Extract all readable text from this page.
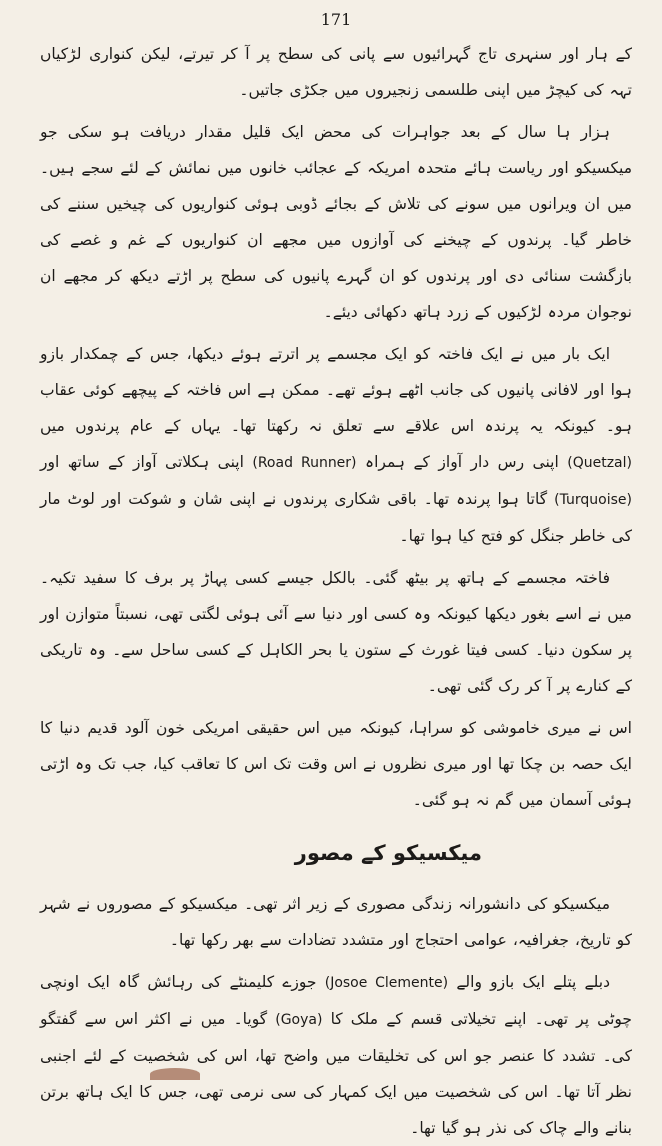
171

کے ہار اور سنہری تاج گہرائیوں سے پانی کی سطح پر آ کر تیرتے، لیکن کنواری لڑکیاں تہہ کی کیچڑ میں اپنی طلسمی زنجیروں میں جکڑی جاتیں۔

ہزار ہا سال کے بعد جواہرات کی محض ایک قلیل مقدار دریافت ہو سکی جو میکسیکو اور ریاست ہائے متحدہ امریکہ کے عجائب خانوں میں نمائش کے لئے سجے ہیں۔ میں ان ویرانوں میں سونے کی تلاش کے بجائے ڈوبی ہوئی کنواریوں کی چیخیں سننے کی خاطر گیا۔ پرندوں کے چیخنے کی آوازوں میں مجھے ان کنواریوں کے غم و غصے کی بازگشت سنائی دی اور پرندوں کو ان گہرے پانیوں کی سطح پر اڑتے دیکھ کر مجھے ان نوجوان مردہ لڑکیوں کے زرد ہاتھ دکھائی دیئے۔

ایک بار میں نے ایک فاختہ کو ایک مجسمے پر اترتے ہوئے دیکھا، جس کے چمکدار بازو ہوا اور لافانی پانیوں کی جانب اٹھے ہوئے تھے۔ ممکن ہے اس فاختہ کے پیچھے کوئی عقاب ہو۔ کیونکہ یہ پرندہ اس علاقے سے تعلق نہ رکھتا تھا۔ یہاں کے عام پرندوں میں (Quetzal) اپنی رس دار آواز کے ہمراہ (Road Runner) اپنی ہکلاتی آواز کے ساتھ اور (Turquoise) گاتا ہوا پرندہ تھا۔ باقی شکاری پرندوں نے اپنی شان و شوکت اور لوٹ مار کی خاطر جنگل کو فتح کیا ہوا تھا۔

فاختہ مجسمے کے ہاتھ پر بیٹھ گئی۔ بالکل جیسے کسی پہاڑ پر برف کا سفید تکیہ۔ میں نے اسے بغور دیکھا کیونکہ وہ کسی اور دنیا سے آئی ہوئی لگتی تھی، نسبتاً متوازن اور پر سکون دنیا۔ کسی فیتا غورث کے ستون یا بحر الکاہل کے کسی ساحل سے۔ وہ تاریکی کے کنارے پر آ کر رک گئی تھی۔

اس نے میری خاموشی کو سراہا، کیونکہ میں اس حقیقی امریکی خون آلود قدیم دنیا کا ایک حصہ بن چکا تھا اور میری نظروں نے اس وقت تک اس کا تعاقب کیا، جب تک وہ اڑتی ہوئی آسمان میں گم نہ ہو گئی۔

میکسیکو کے مصور

میکسیکو کی دانشورانہ زندگی مصوری کے زیر اثر تھی۔ میکسیکو کے مصوروں نے شہر کو تاریخ، جغرافیہ، عوامی احتجاج اور متشدد تضادات سے بھر رکھا تھا۔

دبلے پتلے ایک بازو والے (Josoe Clemente) جوزے کلیمنٹے کی رہائش گاہ ایک اونچی چوٹی پر تھی۔ اپنے تخیلاتی قسم کے ملک کا (Goya) گویا۔ میں نے اکثر اس سے گفتگو کی۔ تشدد کا عنصر جو اس کی تخلیقات میں واضح تھا، اس کی شخصیت کے لئے اجنبی نظر آتا تھا۔ اس کی شخصیت میں ایک کمہار کی سی نرمی تھی، جس کا ایک ہاتھ برتن بنانے والے چاک کی نذر ہو گیا تھا۔
